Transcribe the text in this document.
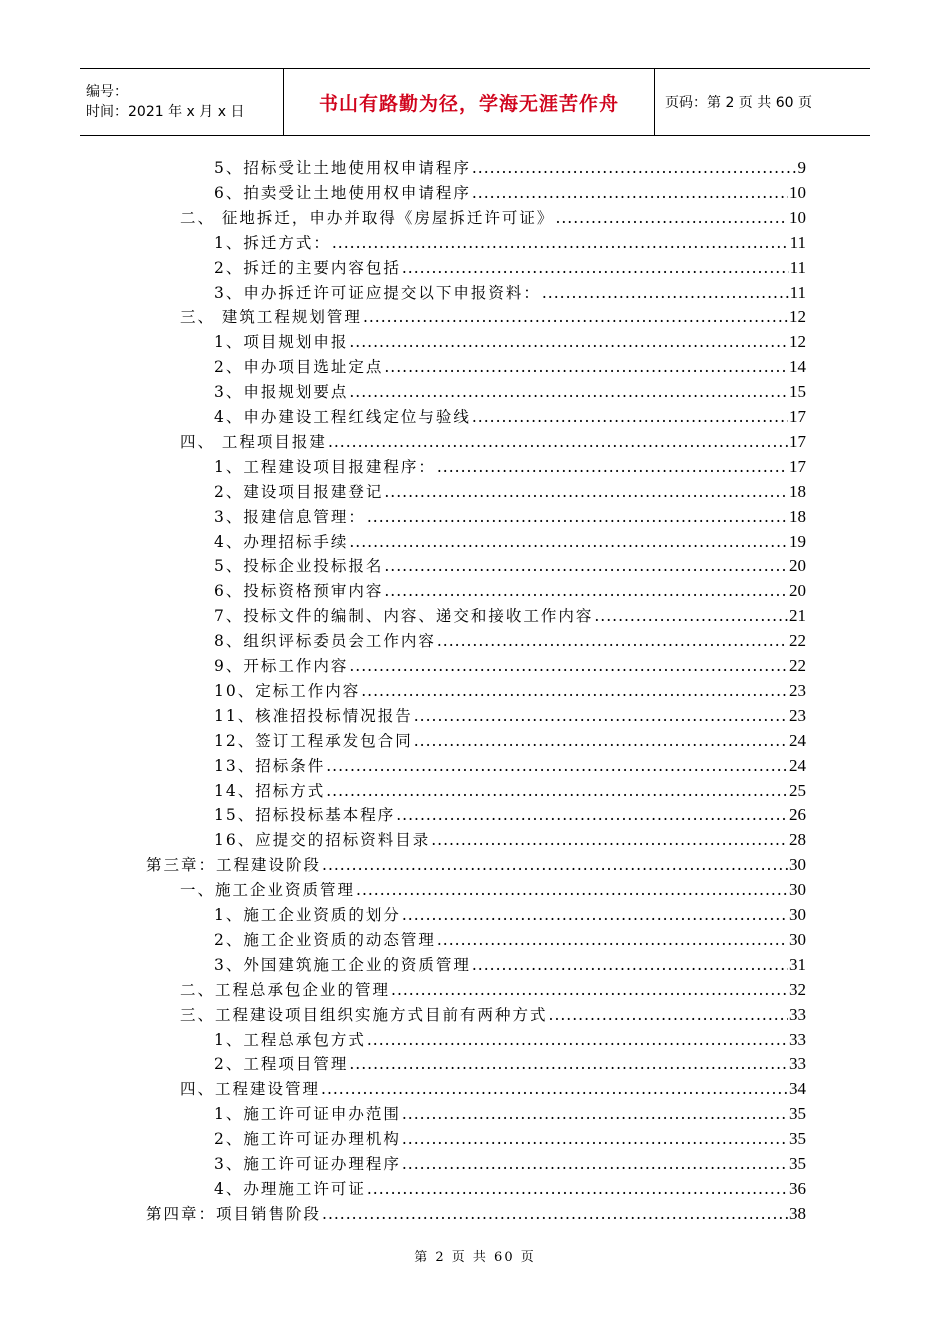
编号：
时间：2021 年 x 月 x 日	书山有路勤为径，学海无涯苦作舟	页码：第 2 页 共 60 页
5、招标受让土地使用权申请程序 .....	9
6、拍卖受让土地使用权申请程序 .....	10
二、 征地拆迁，申办并取得《房屋拆迁许可证》 .....	10
1、拆迁方式： .....	11
2、拆迁的主要内容包括 .....	11
3、申办拆迁许可证应提交以下申报资料： .....	11
三、 建筑工程规划管理 .....	12
1、项目规划申报 .....	12
2、申办项目选址定点 .....	14
3、申报规划要点 .....	15
4、申办建设工程红线定位与验线 .....	17
四、 工程项目报建 .....	17
1、工程建设项目报建程序： .....	17
2、建设项目报建登记 .....	18
3、报建信息管理： .....	18
4、办理招标手续 .....	19
5、投标企业投标报名 .....	20
6、投标资格预审内容 .....	20
7、投标文件的编制、内容、递交和接收工作内容 .....	21
8、组织评标委员会工作内容 .....	22
9、开标工作内容 .....	22
10、定标工作内容 .....	23
11、核准招投标情况报告 .....	23
12、签订工程承发包合同 .....	24
13、招标条件 .....	24
14、招标方式 .....	25
15、招标投标基本程序 .....	26
16、应提交的招标资料目录 .....	28
第三章：工程建设阶段 .....	30
一、施工企业资质管理 .....	30
1、施工企业资质的划分 .....	30
2、施工企业资质的动态管理 .....	30
3、外国建筑施工企业的资质管理 .....	31
二、工程总承包企业的管理 .....	32
三、工程建设项目组织实施方式目前有两种方式 .....	33
1、工程总承包方式 .....	33
2、工程项目管理 .....	33
四、工程建设管理 .....	34
1、施工许可证申办范围 .....	35
2、施工许可证办理机构 .....	35
3、施工许可证办理程序 .....	35
4、办理施工许可证 .....	36
第四章：项目销售阶段 .....	38
第 2 页 共 60 页
